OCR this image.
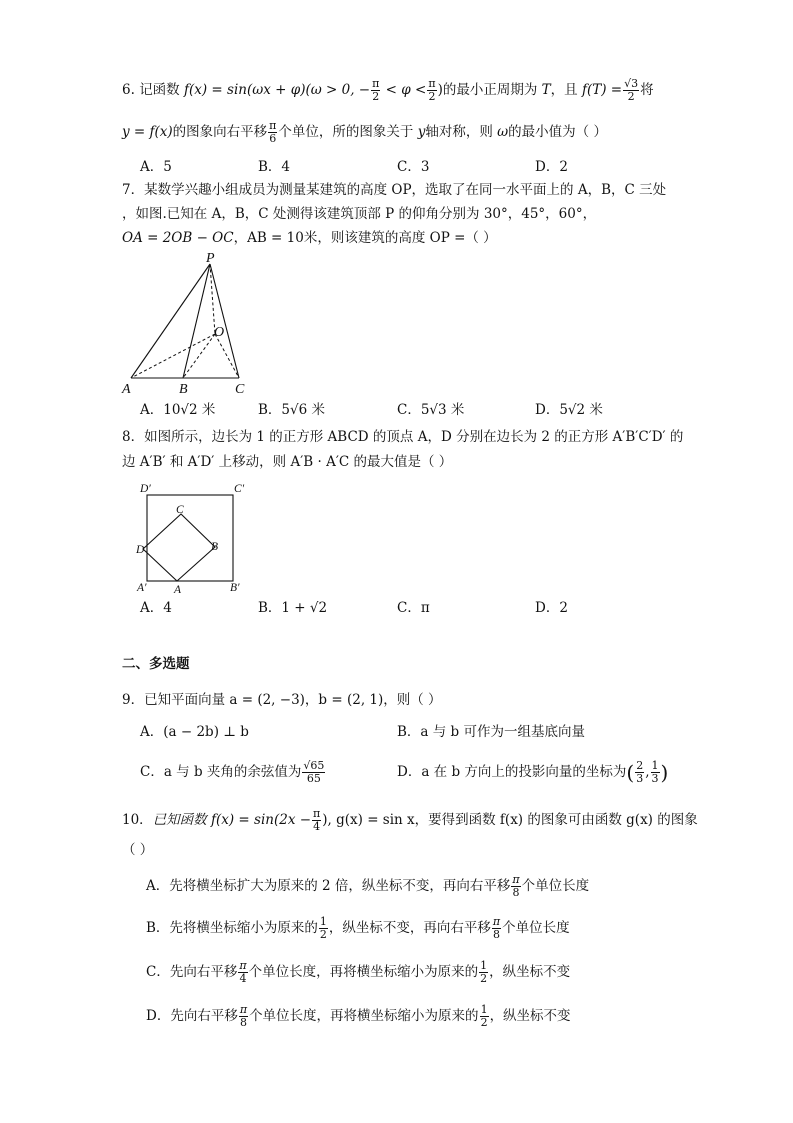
6. 记函数 f(x) = sin(ωx + φ)(ω > 0, − $\frac{\pi}{2} < \varphi < \frac{\pi}{2}$ )的最小正周期为 T，且 $f(T) = \frac{√3}{2}$ 将
y = f(x)的图象向右平移 $\frac{\pi}{6}$ 个单位，所的图象关于 y轴对称，则 ω的最小值为（ ）
A．5	B．4	C．3	D．2
7．某数学兴趣小组成员为测量某建筑的高度 OP，选取了在同一水平面上的 A，B，C 三处
，如图.已知在 A，B，C 处测得该建筑顶部 P 的仰角分别为 30°，45°，60°，
OA = 2OB − OC，AB = 10米，则该建筑的高度 OP =（ ）
P
O
A	B	C
A．10√2 米	B．5√6 米	C．5√3 米	D．5√2 米
8．如图所示，边长为 1 的正方形 ABCD 的顶点 A，D 分别在边长为 2 的正方形 A′B′C′D′ 的
边 A′B′ 和 A′D′ 上移动，则 A′B · A′C 的最大值是（ ）
D′	C′
A′	B′
A
B
C
D
A．4	B．1 + √2	C．π	D．2
二、多选题
9．已知平面向量 a = (2, −3)，b = (2, 1)，则（ ）
A．(a − 2b) ⊥ b	B．a 与 b 可作为一组基底向量
C．a 与 b 夹角的余弦值为 $\frac{√65}{65}$	D．a 在 b 方向上的投影向量的坐标为( $\frac{2}{3}$ , $\frac{1}{3}$ )
10．已知函数 $f(x) = \sin(2x - \frac{\pi}{4}$ ), g(x) = sin x，要得到函数 f(x) 的图象可由函数 g(x) 的图象
（ ）
A．先将横坐标扩大为原来的 2 倍，纵坐标不变，再向右平移 $\frac{\pi}{8}$ 个单位长度
B．先将横坐标缩小为原来的 $\frac{1}{2}$ ，纵坐标不变，再向右平移 $\frac{\pi}{8}$ 个单位长度
C．先向右平移 $\frac{\pi}{4}$ 个单位长度，再将横坐标缩小为原来的 $\frac{1}{2}$ ，纵坐标不变
D．先向右平移 $\frac{\pi}{8}$ 个单位长度，再将横坐标缩小为原来的 $\frac{1}{2}$ ，纵坐标不变
